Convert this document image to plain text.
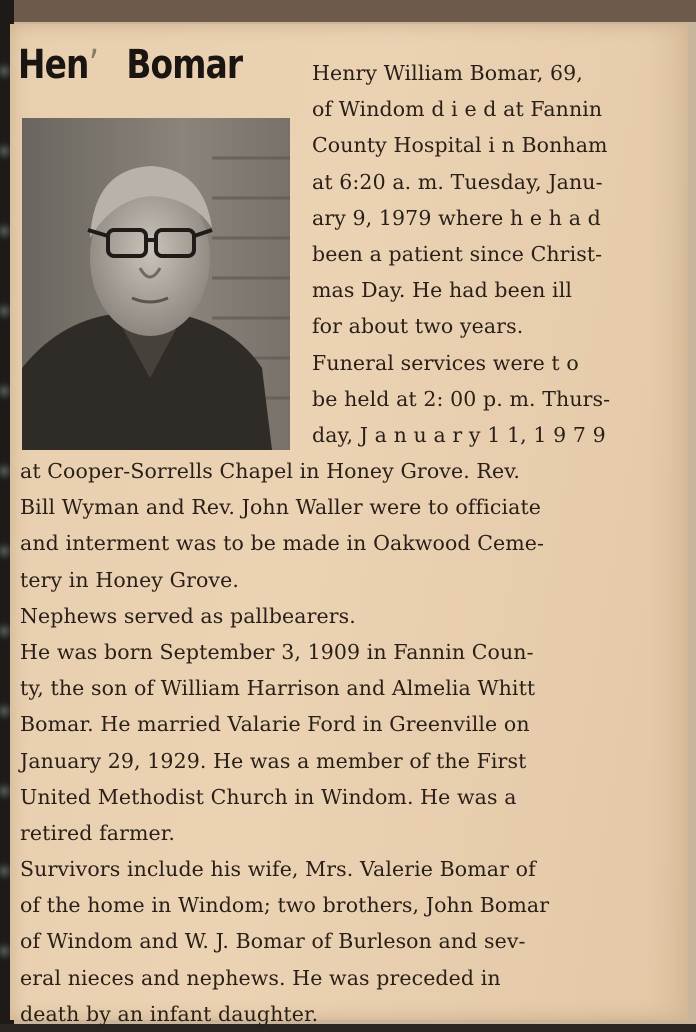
Hen’ Bomar	Henry William Bomar, 69,
of Windom d i e d at Fannin
County Hospital i n Bonham
at 6:20 a. m. Tuesday, Janu-
ary 9, 1979 where h e h a d
been a patient since Christ-
mas Day. He had been ill
for about two years.
Funeral services were t o
be held at 2: 00 p. m. Thurs-
day, J a n u a r y 1 1, 1 9 7 9
at Cooper-Sorrells Chapel in Honey Grove. Rev.
Bill Wyman and Rev. John Waller were to officiate
and interment was to be made in Oakwood Ceme-
tery in Honey Grove.
Nephews served as pallbearers.
He was born September 3, 1909 in Fannin Coun-
ty, the son of William Harrison and Almelia Whitt
Bomar. He married Valarie Ford in Greenville on
January 29, 1929. He was a member of the First
United Methodist Church in Windom. He was a
retired farmer.
Survivors include his wife, Mrs. Valerie Bomar of
of the home in Windom; two brothers, John Bomar
of Windom and W. J. Bomar of Burleson and sev-
eral nieces and nephews. He was preceded in
death by an infant daughter.
